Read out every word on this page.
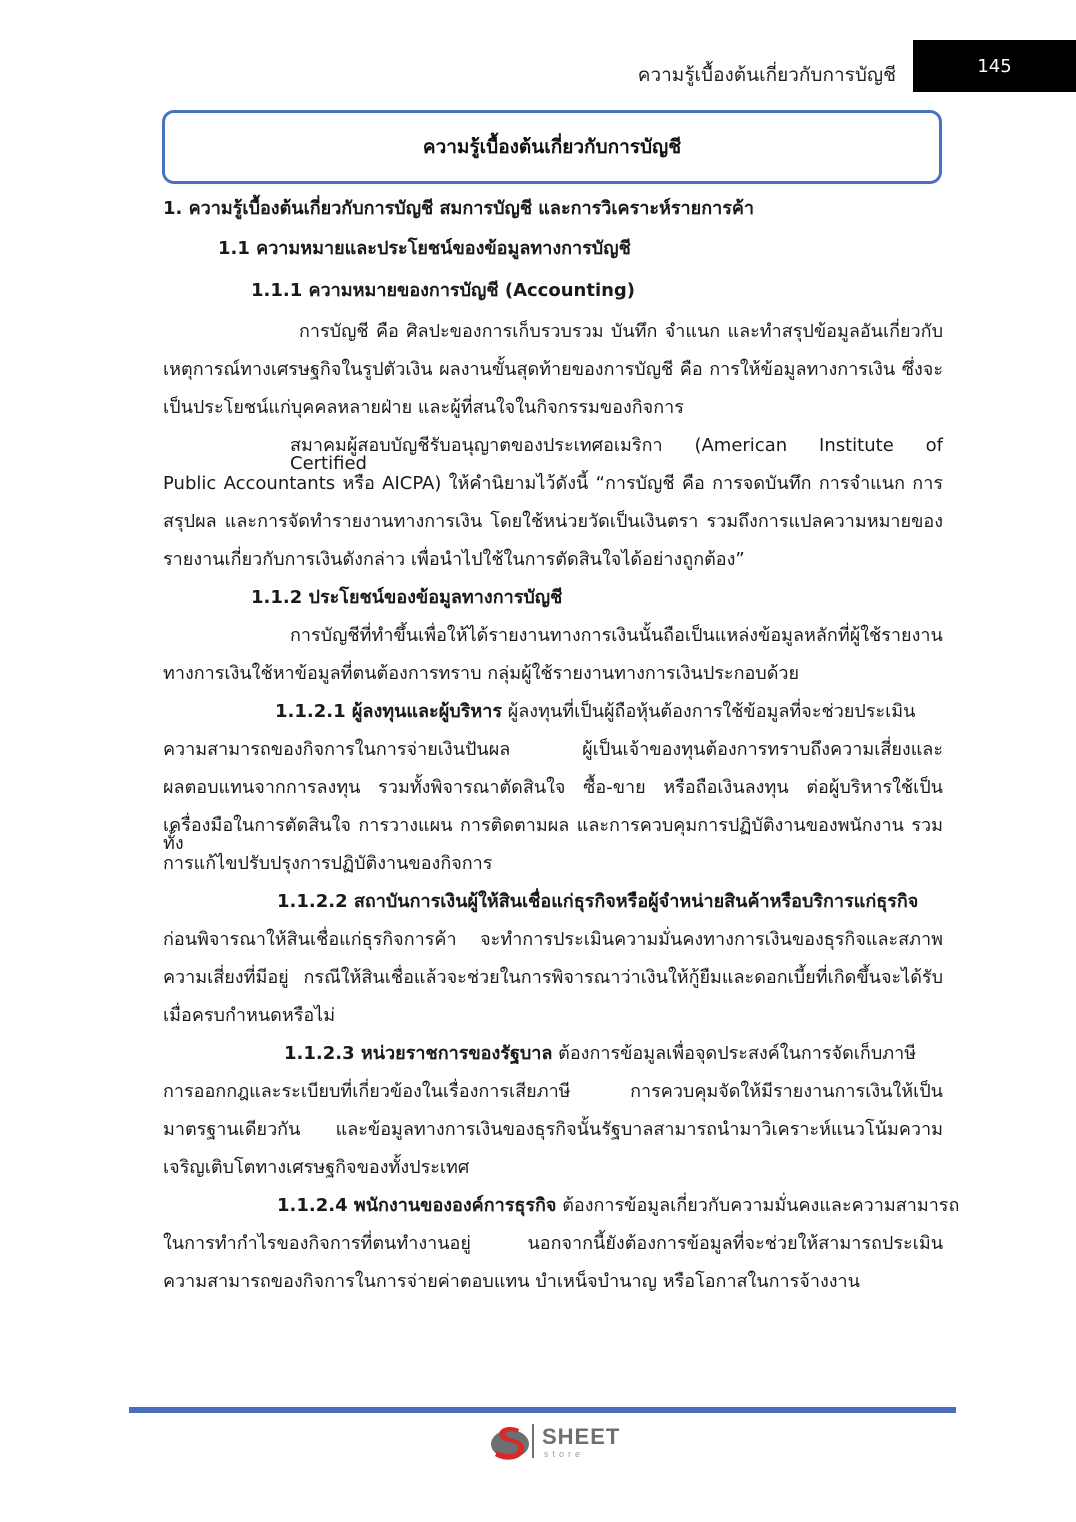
ความรู้เบื้องต้นเกี่ยวกับการบัญชี	145
ความรู้เบื้องต้นเกี่ยวกับการบัญชี
1. ความรู้เบื้องต้นเกี่ยวกับการบัญชี สมการบัญชี และการวิเคราะห์รายการค้า
1.1 ความหมายและประโยชน์ของข้อมูลทางการบัญชี
1.1.1 ความหมายของการบัญชี (Accounting)
การบัญชี คือ ศิลปะของการเก็บรวบรวม บันทึก จำแนก และทำสรุปข้อมูลอันเกี่ยวกับ
เหตุการณ์ทางเศรษฐกิจในรูปตัวเงิน ผลงานขั้นสุดท้ายของการบัญชี คือ การให้ข้อมูลทางการเงิน ซึ่งจะ
เป็นประโยชน์แก่บุคคลหลายฝ่าย และผู้ที่สนใจในกิจกรรมของกิจการ
สมาคมผู้สอบบัญชีรับอนุญาตของประเทศอเมริกา (American Institute of Certified
Public Accountants หรือ AICPA) ให้คำนิยามไว้ดังนี้ “การบัญชี คือ การจดบันทึก การจำแนก การ
สรุปผล และการจัดทำรายงานทางการเงิน โดยใช้หน่วยวัดเป็นเงินตรา รวมถึงการแปลความหมายของ
รายงานเกี่ยวกับการเงินดังกล่าว เพื่อนำไปใช้ในการตัดสินใจได้อย่างถูกต้อง”
1.1.2 ประโยชน์ของข้อมูลทางการบัญชี
การบัญชีที่ทำขึ้นเพื่อให้ได้รายงานทางการเงินนั้นถือเป็นแหล่งข้อมูลหลักที่ผู้ใช้รายงาน
ทางการเงินใช้หาข้อมูลที่ตนต้องการทราบ กลุ่มผู้ใช้รายงานทางการเงินประกอบด้วย
1.1.2.1 ผู้ลงทุนและผู้บริหาร ผู้ลงทุนที่เป็นผู้ถือหุ้นต้องการใช้ข้อมูลที่จะช่วยประเมิน
ความสามารถของกิจการในการจ่ายเงินปันผล ผู้เป็นเจ้าของทุนต้องการทราบถึงความเสี่ยงและ
ผลตอบแทนจากการลงทุน รวมทั้งพิจารณาตัดสินใจ ซื้อ-ขาย หรือถือเงินลงทุน ต่อผู้บริหารใช้เป็น
เครื่องมือในการตัดสินใจ การวางแผน การติดตามผล และการควบคุมการปฏิบัติงานของพนักงาน รวมทั้ง
การแก้ไขปรับปรุงการปฏิบัติงานของกิจการ
1.1.2.2 สถาบันการเงินผู้ให้สินเชื่อแก่ธุรกิจหรือผู้จำหน่ายสินค้าหรือบริการแก่ธุรกิจ
ก่อนพิจารณาให้สินเชื่อแก่ธุรกิจการค้า จะทำการประเมินความมั่นคงทางการเงินของธุรกิจและสภาพ
ความเสี่ยงที่มีอยู่ กรณีให้สินเชื่อแล้วจะช่วยในการพิจารณาว่าเงินให้กู้ยืมและดอกเบี้ยที่เกิดขึ้นจะได้รับ
เมื่อครบกำหนดหรือไม่
1.1.2.3 หน่วยราชการของรัฐบาล ต้องการข้อมูลเพื่อจุดประสงค์ในการจัดเก็บภาษี
การออกกฎและระเบียบที่เกี่ยวข้องในเรื่องการเสียภาษี การควบคุมจัดให้มีรายงานการเงินให้เป็น
มาตรฐานเดียวกัน และข้อมูลทางการเงินของธุรกิจนั้นรัฐบาลสามารถนำมาวิเคราะห์แนวโน้มความ
เจริญเติบโตทางเศรษฐกิจของทั้งประเทศ
1.1.2.4 พนักงานขององค์การธุรกิจ ต้องการข้อมูลเกี่ยวกับความมั่นคงและความสามารถ
ในการทำกำไรของกิจการที่ตนทำงานอยู่ นอกจากนี้ยังต้องการข้อมูลที่จะช่วยให้สามารถประเมิน
ความสามารถของกิจการในการจ่ายค่าตอบแทน บำเหน็จบำนาญ หรือโอกาสในการจ้างงาน
SHEET
store
